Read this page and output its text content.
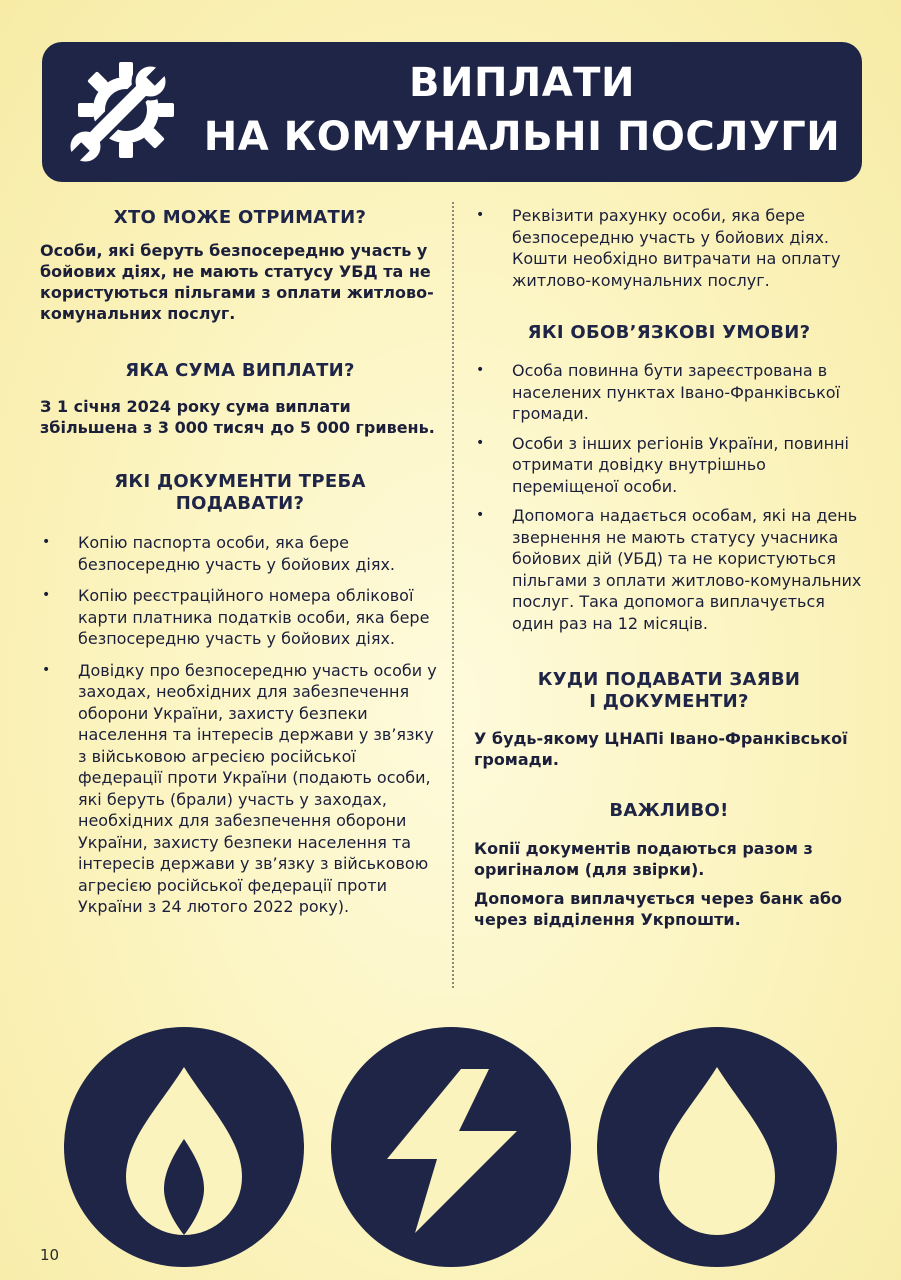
ВИПЛАТИ
НА КОМУНАЛЬНІ ПОСЛУГИ
ХТО МОЖЕ ОТРИМАТИ?

Особи, які беруть безпосередню участь у бойових діях, не мають статусу УБД та не користуються пільгами з оплати житлово-комунальних послуг.

ЯКА СУМА ВИПЛАТИ?

З 1 січня 2024 року сума виплати збільшена з 3 000 тисяч до 5 000 гривень.

ЯКІ ДОКУМЕНТИ ТРЕБА
ПОДАВАТИ?
• Копію паспорта особи, яка бере безпосередню участь у бойових діях.
• Копію реєстраційного номера облікової карти платника податків особи, яка бере безпосередню участь у бойових діях.
• Довідку про безпосередню участь особи у заходах, необхідних для забезпечення оборони України, захисту безпеки населення та інтересів держави у зв’язку з військовою агресією російської федерації проти України (подають особи, які беруть (брали) участь у заходах, необхідних для забезпечення оборони України, захисту безпеки населення та інтересів держави у зв’язку з військовою агресією російської федерації проти України з 24 лютого 2022 року).
• Реквізити рахунку особи, яка бере безпосередню участь у бойових діях. Кошти необхідно витрачати на оплату житлово-комунальних послуг.
ЯКІ ОБОВ’ЯЗКОВІ УМОВИ?
• Особа повинна бути зареєстрована в населених пунктах Івано-Франківської громади.
• Особи з інших регіонів України, повинні отримати довідку внутрішньо переміщеної особи.
• Допомога надається особам, які на день звернення не мають статусу учасника бойових дій (УБД) та не користуються пільгами з оплати житлово-комунальних послуг. Така допомога виплачується один раз на 12 місяців.
КУДИ ПОДАВАТИ ЗАЯВИ
І ДОКУМЕНТИ?

У будь-якому ЦНАПі Івано-Франківської громади.

ВАЖЛИВО!

Копії документів подаються разом з оригіналом (для звірки).

Допомога виплачується через банк або через відділення Укрпошти.

10
